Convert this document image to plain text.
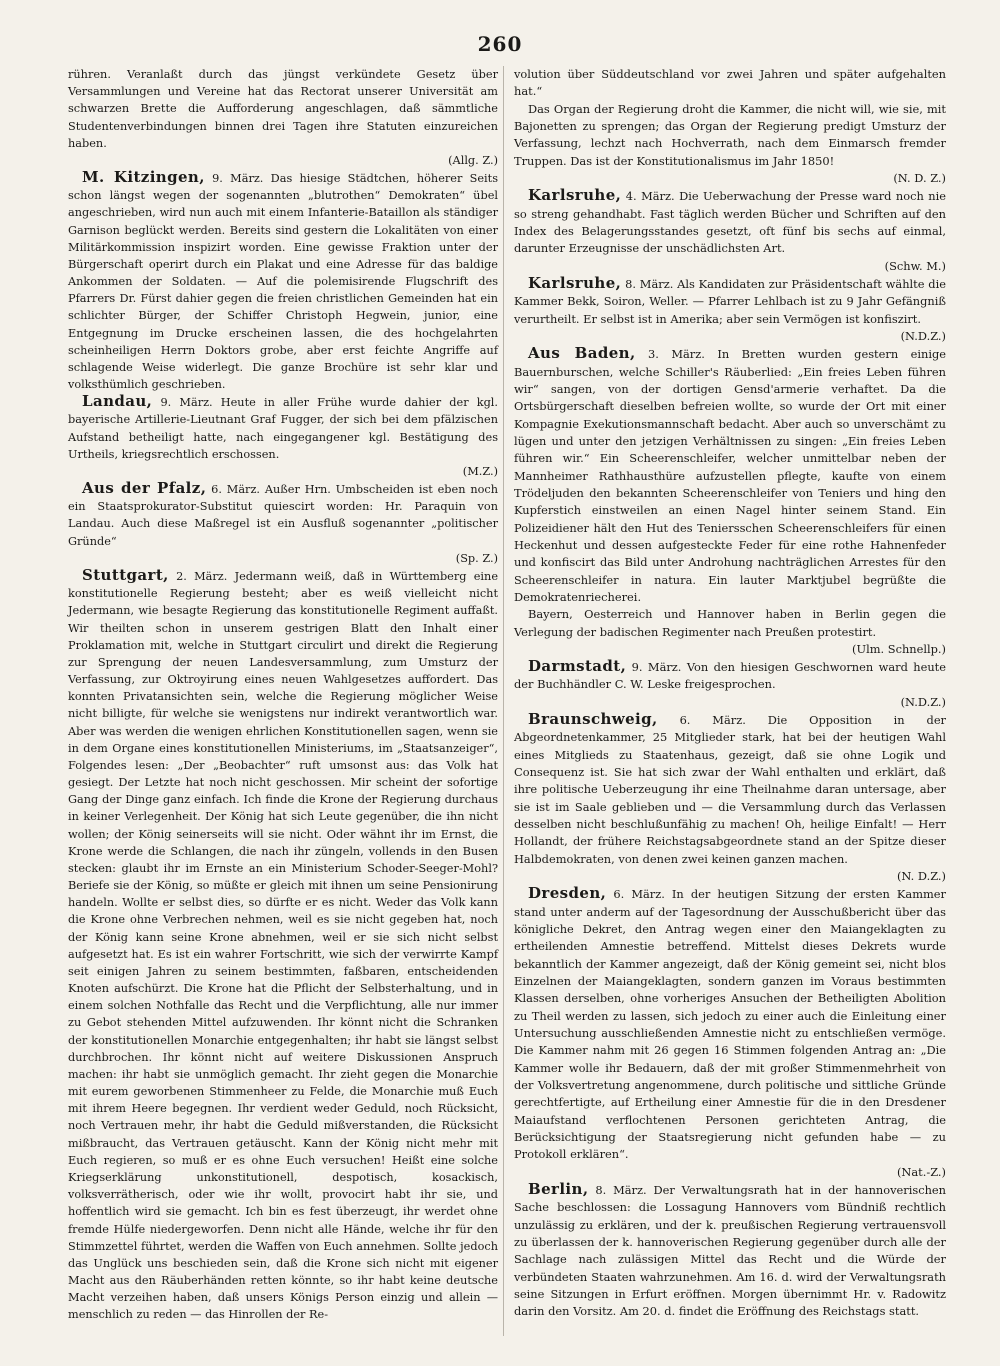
260

rühren. Veranlaßt durch das jüngst verkündete Gesetz über Versammlungen und Vereine hat das Rectorat unserer Universität am schwarzen Brette die Aufforderung angeschlagen, daß sämmtliche Studentenverbindungen binnen drei Tagen ihre Statuten einzureichen haben.
(Allg. Z.)

M. Kitzingen, 9. März. Das hiesige Städtchen, höherer Seits schon längst wegen der sogenannten „blutrothen“ Demokraten“ übel angeschrieben, wird nun auch mit einem Infanterie-Bataillon als ständiger Garnison beglückt werden. Bereits sind gestern die Lokalitäten von einer Militärkommission inspizirt worden. Eine gewisse Fraktion unter der Bürgerschaft operirt durch ein Plakat und eine Adresse für das baldige Ankommen der Soldaten. — Auf die polemisirende Flugschrift des Pfarrers Dr. Fürst dahier gegen die freien christlichen Gemeinden hat ein schlichter Bürger, der Schiffer Christoph Hegwein, junior, eine Entgegnung im Drucke erscheinen lassen, die des hochgelahrten scheinheiligen Herrn Doktors grobe, aber erst feichte Angriffe auf schlagende Weise widerlegt. Die ganze Brochüre ist sehr klar und volksthümlich geschrieben.

Landau, 9. März. Heute in aller Frühe wurde dahier der kgl. bayerische Artillerie-Lieutnant Graf Fugger, der sich bei dem pfälzischen Aufstand betheiligt hatte, nach eingegangener kgl. Bestätigung des Urtheils, kriegsrechtlich erschossen.
(M.Z.)

Aus der Pfalz, 6. März. Außer Hrn. Umbscheiden ist eben noch ein Staatsprokurator-Substitut quiescirt worden: Hr. Paraquin von Landau. Auch diese Maßregel ist ein Ausfluß sogenannter „politischer Gründe“
(Sp. Z.)

Stuttgart, 2. März. Jedermann weiß, daß in Württemberg eine konstitutionelle Regierung besteht; aber es weiß vielleicht nicht Jedermann, wie besagte Regierung das konstitutionelle Regiment auffaßt. Wir theilten schon in unserem gestrigen Blatt den Inhalt einer Proklamation mit, welche in Stuttgart circulirt und direkt die Regierung zur Sprengung der neuen Landesversammlung, zum Umsturz der Verfassung, zur Oktroyirung eines neuen Wahlgesetzes auffordert. Das konnten Privatansichten sein, welche die Regierung möglicher Weise nicht billigte, für welche sie wenigstens nur indirekt verantwortlich war. Aber was werden die wenigen ehrlichen Konstitutionellen sagen, wenn sie in dem Organe eines konstitutionellen Ministeriums, im „Staatsanzeiger“, Folgendes lesen: „Der „Beobachter“ ruft umsonst aus: das Volk hat gesiegt. Der Letzte hat noch nicht geschossen. Mir scheint der sofortige Gang der Dinge ganz einfach. Ich finde die Krone der Regierung durchaus in keiner Verlegenheit. Der König hat sich Leute gegenüber, die ihn nicht wollen; der König seinerseits will sie nicht. Oder wähnt ihr im Ernst, die Krone werde die Schlangen, die nach ihr züngeln, vollends in den Busen stecken: glaubt ihr im Ernste an ein Ministerium Schoder-Seeger-Mohl? Beriefe sie der König, so müßte er gleich mit ihnen um seine Pensionirung handeln. Wollte er selbst dies, so dürfte er es nicht. Weder das Volk kann die Krone ohne Verbrechen nehmen, weil es sie nicht gegeben hat, noch der König kann seine Krone abnehmen, weil er sie sich nicht selbst aufgesetzt hat. Es ist ein wahrer Fortschritt, wie sich der verwirrte Kampf seit einigen Jahren zu seinem bestimmten, faßbaren, entscheidenden Knoten aufschürzt. Die Krone hat die Pflicht der Selbsterhaltung, und in einem solchen Nothfalle das Recht und die Verpflichtung, alle nur immer zu Gebot stehenden Mittel aufzuwenden. Ihr könnt nicht die Schranken der konstitutionellen Monarchie entgegenhalten; ihr habt sie längst selbst durchbrochen. Ihr könnt nicht auf weitere Diskussionen Anspruch machen: ihr habt sie unmöglich gemacht. Ihr zieht gegen die Monarchie mit eurem geworbenen Stimmenheer zu Felde, die Monarchie muß Euch mit ihrem Heere begegnen. Ihr verdient weder Geduld, noch Rücksicht, noch Vertrauen mehr, ihr habt die Geduld mißverstanden, die Rücksicht mißbraucht, das Vertrauen getäuscht. Kann der König nicht mehr mit Euch regieren, so muß er es ohne Euch versuchen! Heißt eine solche Kriegserklärung unkonstitutionell, despotisch, kosackisch, volksverrätherisch, oder wie ihr wollt, provocirt habt ihr sie, und hoffentlich wird sie gemacht. Ich bin es fest überzeugt, ihr werdet ohne fremde Hülfe niedergeworfen. Denn nicht alle Hände, welche ihr für den Stimmzettel führtet, werden die Waffen von Euch annehmen. Sollte jedoch das Unglück uns beschieden sein, daß die Krone sich nicht mit eigener Macht aus den Räuberhänden retten könnte, so ihr habt keine deutsche Macht verzeihen haben, daß unsers Königs Person einzig und allein — menschlich zu reden — das Hinrollen der Re-

volution über Süddeutschland vor zwei Jahren und später aufgehalten hat.“

Das Organ der Regierung droht die Kammer, die nicht will, wie sie, mit Bajonetten zu sprengen; das Organ der Regierung predigt Umsturz der Verfassung, lechzt nach Hochverrath, nach dem Einmarsch fremder Truppen. Das ist der Konstitutionalismus im Jahr 1850!
(N. D. Z.)

Karlsruhe, 4. März. Die Ueberwachung der Presse ward noch nie so streng gehandhabt. Fast täglich werden Bücher und Schriften auf den Index des Belagerungsstandes gesetzt, oft fünf bis sechs auf einmal, darunter Erzeugnisse der unschädlichsten Art.
(Schw. M.)

Karlsruhe, 8. März. Als Kandidaten zur Präsidentschaft wählte die Kammer Bekk, Soiron, Weller. — Pfarrer Lehlbach ist zu 9 Jahr Gefängniß verurtheilt. Er selbst ist in Amerika; aber sein Vermögen ist konfiszirt.
(N.D.Z.)

Aus Baden, 3. März. In Bretten wurden gestern einige Bauernburschen, welche Schiller's Räuberlied: „Ein freies Leben führen wir“ sangen, von der dortigen Gensd'armerie verhaftet. Da die Ortsbürgerschaft dieselben befreien wollte, so wurde der Ort mit einer Kompagnie Exekutionsmannschaft bedacht. Aber auch so unverschämt zu lügen und unter den jetzigen Verhältnissen zu singen: „Ein freies Leben führen wir.“ Ein Scheerenschleifer, welcher unmittelbar neben der Mannheimer Rathhausthüre aufzustellen pflegte, kaufte von einem Trödeljuden den bekannten Scheerenschleifer von Teniers und hing den Kupferstich einstweilen an einen Nagel hinter seinem Stand. Ein Polizeidiener hält den Hut des Teniersschen Scheerenschleifers für einen Heckenhut und dessen aufgesteckte Feder für eine rothe Hahnenfeder und konfiscirt das Bild unter Androhung nachträglichen Arrestes für den Scheerenschleifer in natura. Ein lauter Marktjubel begrüßte die Demokratenriecherei.

Bayern, Oesterreich und Hannover haben in Berlin gegen die Verlegung der badischen Regimenter nach Preußen protestirt.
(Ulm. Schnellp.)

Darmstadt, 9. März. Von den hiesigen Geschwornen ward heute der Buchhändler C. W. Leske freigesprochen.
(N.D.Z.)

Braunschweig, 6. März. Die Opposition in der Abgeordnetenkammer, 25 Mitglieder stark, hat bei der heutigen Wahl eines Mitglieds zu Staatenhaus, gezeigt, daß sie ohne Logik und Consequenz ist. Sie hat sich zwar der Wahl enthalten und erklärt, daß ihre politische Ueberzeugung ihr eine Theilnahme daran untersage, aber sie ist im Saale geblieben und — die Versammlung durch das Verlassen desselben nicht beschlußunfähig zu machen! Oh, heilige Einfalt! — Herr Hollandt, der frühere Reichstagsabgeordnete stand an der Spitze dieser Halbdemokraten, von denen zwei keinen ganzen machen.
(N. D.Z.)

Dresden, 6. März. In der heutigen Sitzung der ersten Kammer stand unter anderm auf der Tagesordnung der Ausschußbericht über das königliche Dekret, den Antrag wegen einer den Maiangeklagten zu ertheilenden Amnestie betreffend. Mittelst dieses Dekrets wurde bekanntlich der Kammer angezeigt, daß der König gemeint sei, nicht blos Einzelnen der Maiangeklagten, sondern ganzen im Voraus bestimmten Klassen derselben, ohne vorheriges Ansuchen der Betheiligten Abolition zu Theil werden zu lassen, sich jedoch zu einer auch die Einleitung einer Untersuchung ausschließenden Amnestie nicht zu entschließen vermöge. Die Kammer nahm mit 26 gegen 16 Stimmen folgenden Antrag an: „Die Kammer wolle ihr Bedauern, daß der mit großer Stimmenmehrheit von der Volksvertretung angenommene, durch politische und sittliche Gründe gerechtfertigte, auf Ertheilung einer Amnestie für die in den Dresdener Maiaufstand verflochtenen Personen gerichteten Antrag, die Berücksichtigung der Staatsregierung nicht gefunden habe — zu Protokoll erklären“.
(Nat.-Z.)

Berlin, 8. März. Der Verwaltungsrath hat in der hannoverischen Sache beschlossen: die Lossagung Hannovers vom Bündniß rechtlich unzulässig zu erklären, und der k. preußischen Regierung vertrauensvoll zu überlassen der k. hannoverischen Regierung gegenüber durch alle der Sachlage nach zulässigen Mittel das Recht und die Würde der verbündeten Staaten wahrzunehmen. Am 16. d. wird der Verwaltungsrath seine Sitzungen in Erfurt eröffnen. Morgen übernimmt Hr. v. Radowitz darin den Vorsitz. Am 20. d. findet die Eröffnung des Reichstags statt.
